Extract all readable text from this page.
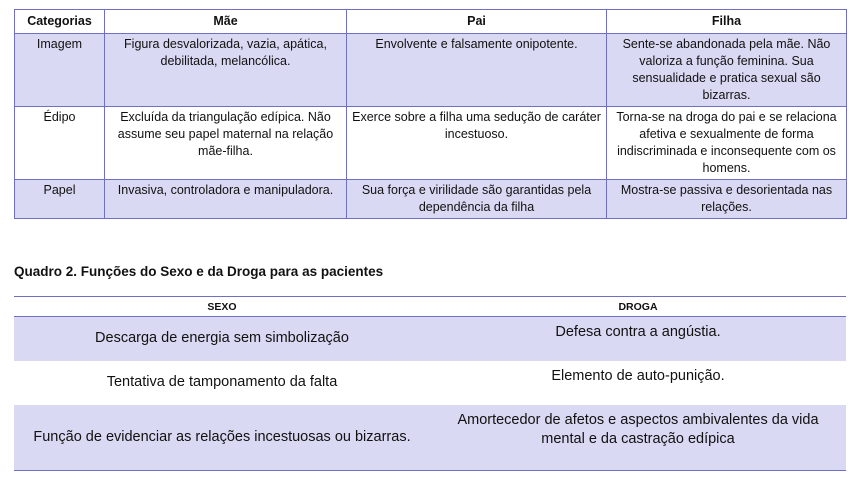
Categorias	Mãe	Pai	Filha
Imagem	Figura desvalorizada, vazia, apática, debilitada, melancólica.	Envolvente e falsamente onipotente.	Sente-se abandonada pela mãe. Não valoriza a função feminina. Sua sensualidade e pratica sexual são bizarras.
Édipo	Excluída da triangulação edípica. Não assume seu papel maternal na relação mãe-filha.	Exerce sobre a filha uma sedução de caráter incestuoso.	Torna-se na droga do pai e se relaciona afetiva e sexualmente de forma indiscriminada e inconsequente com os homens.
Papel	Invasiva, controladora e manipuladora.	Sua força e virilidade são garantidas pela dependência da filha	Mostra-se passiva e desorientada nas relações.

Quadro 2. Funções do Sexo e da Droga para as pacientes

SEXO	DROGA
Descarga de energia sem simbolização	Defesa contra a angústia.
Tentativa de tamponamento da falta	Elemento de auto-punição.
Função de evidenciar as relações incestuosas ou bizarras.	Amortecedor de afetos e aspectos ambivalentes da vida mental e da castração edípica
